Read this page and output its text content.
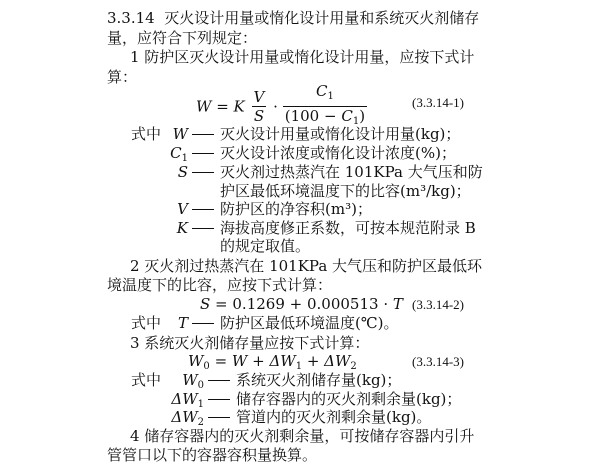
3.3.14 灭火设计用量或惰化设计用量和系统灭火剂储存
量，应符合下列规定：
1 防护区灭火设计用量或惰化设计用量，应按下式计
算：
W = K $\frac{V}{S} \cdot \frac{C_1}{(100 - C_1)}$	(3.3.14-1)
式中 W	灭火设计用量或惰化设计用量(kg)；
$C_1$	灭火设计浓度或惰化设计浓度(%)；
S	灭火剂过热蒸汽在 101KPa 大气压和防
护区最低环境温度下的比容(m³/kg)；
V	防护区的净容积(m³)；
K	海拔高度修正系数，可按本规范附录 B
的规定取值。
2 灭火剂过热蒸汽在 101KPa 大气压和防护区最低环
境温度下的比容，应按下式计算：
S = 0.1269 + 0.000513 · T (3.3.14-2)
式中	T	防护区最低环境温度(℃)。
3 系统灭火剂储存量应按下式计算：
$W_0 = W + \Delta W_1 + \Delta W_2$	(3.3.14-3)
式中	$W_0$	系统灭火剂储存量(kg)；
$\Delta W_1$	储存容器内的灭火剂剩余量(kg)；
$\Delta W_2$	管道内的灭火剂剩余量(kg)。
4 储存容器内的灭火剂剩余量，可按储存容器内引升
管管口以下的容器容积量换算。
